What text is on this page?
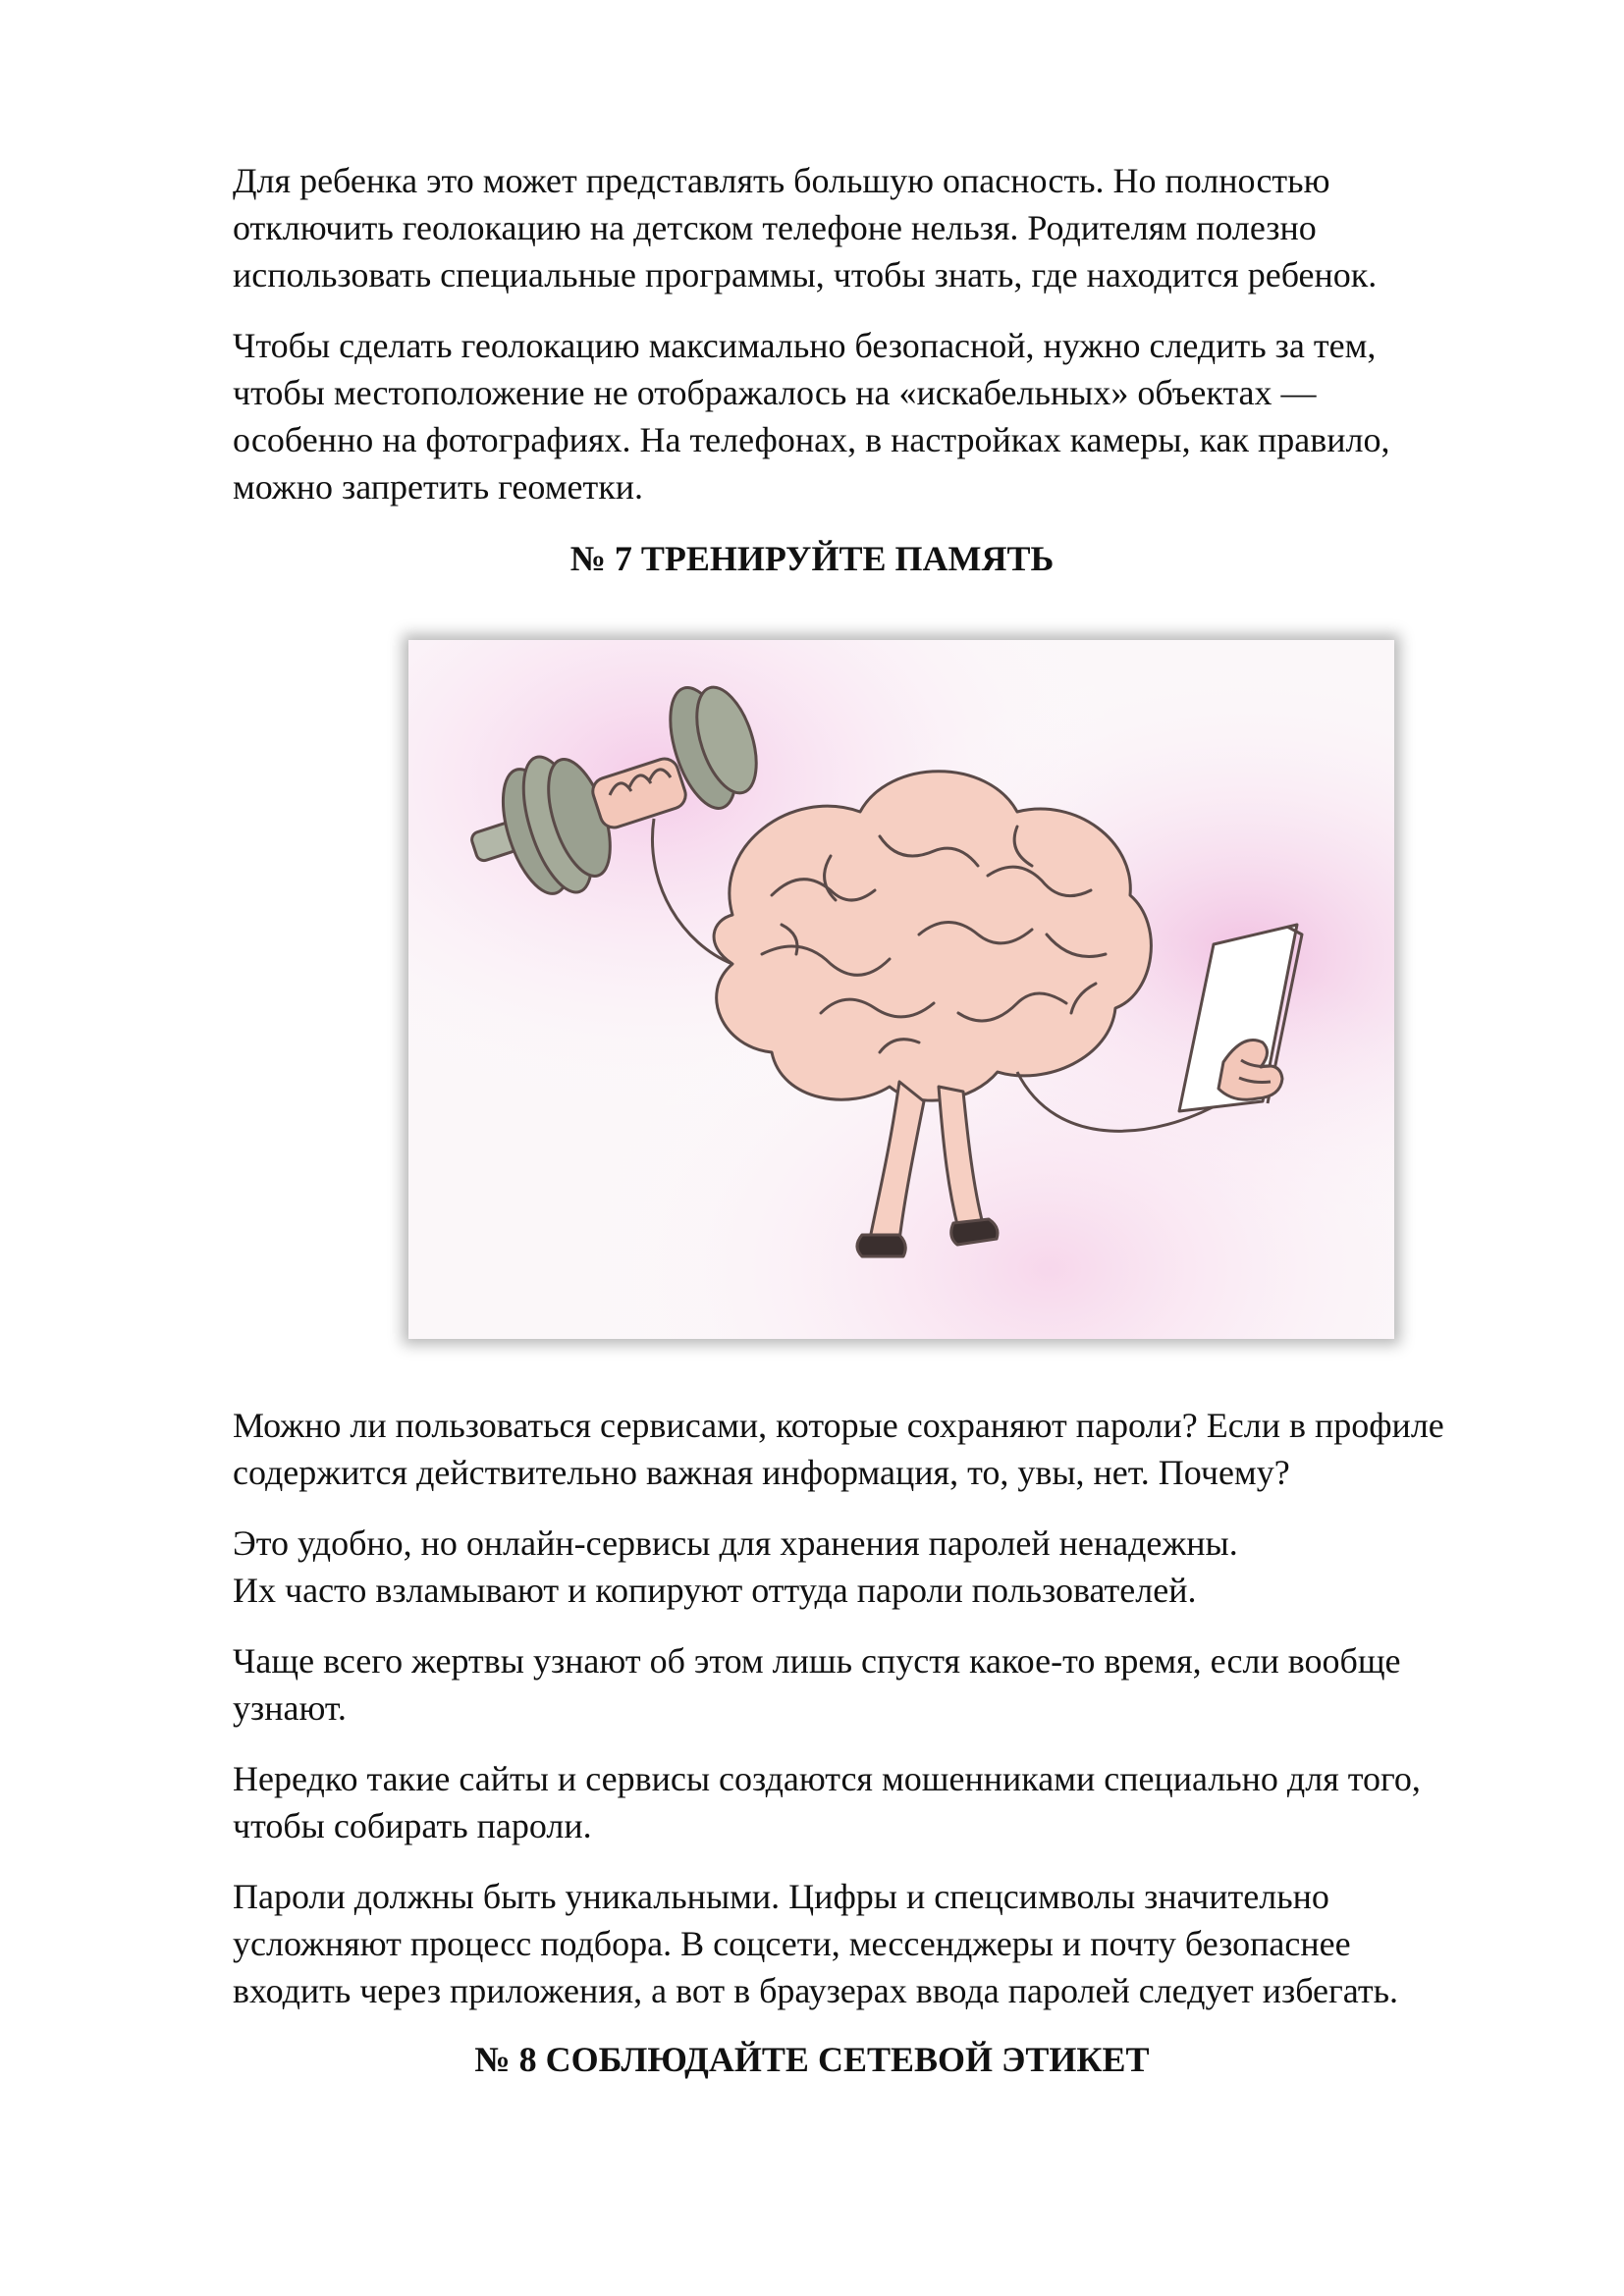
Для ребенка это может представлять большую опасность. Но полностью
отключить геолокацию на детском телефоне нельзя. Родителям полезно
использовать специальные программы, чтобы знать, где находится ребенок.

Чтобы сделать геолокацию максимально безопасной, нужно следить за тем,
чтобы местоположение не отображалось на «искабельных» объектах —
особенно на фотографиях. На телефонах, в настройках камеры, как правило,
можно запретить геометки.

№ 7 ТРЕНИРУЙТЕ ПАМЯТЬ

Можно ли пользоваться сервисами, которые сохраняют пароли? Если в профиле
содержится действительно важная информация, то, увы, нет. Почему?

Это удобно, но онлайн-сервисы для хранения паролей ненадежны.
Их часто взламывают и копируют оттуда пароли пользователей.

Чаще всего жертвы узнают об этом лишь спустя какое-то время, если вообще
узнают.

Нередко такие сайты и сервисы создаются мошенниками специально для того,
чтобы собирать пароли.

Пароли должны быть уникальными. Цифры и спецсимволы значительно
усложняют процесс подбора. В соцсети, мессенджеры и почту безопаснее
входить через приложения, а вот в браузерах ввода паролей следует избегать.

№ 8 СОБЛЮДАЙТЕ СЕТЕВОЙ ЭТИКЕТ
